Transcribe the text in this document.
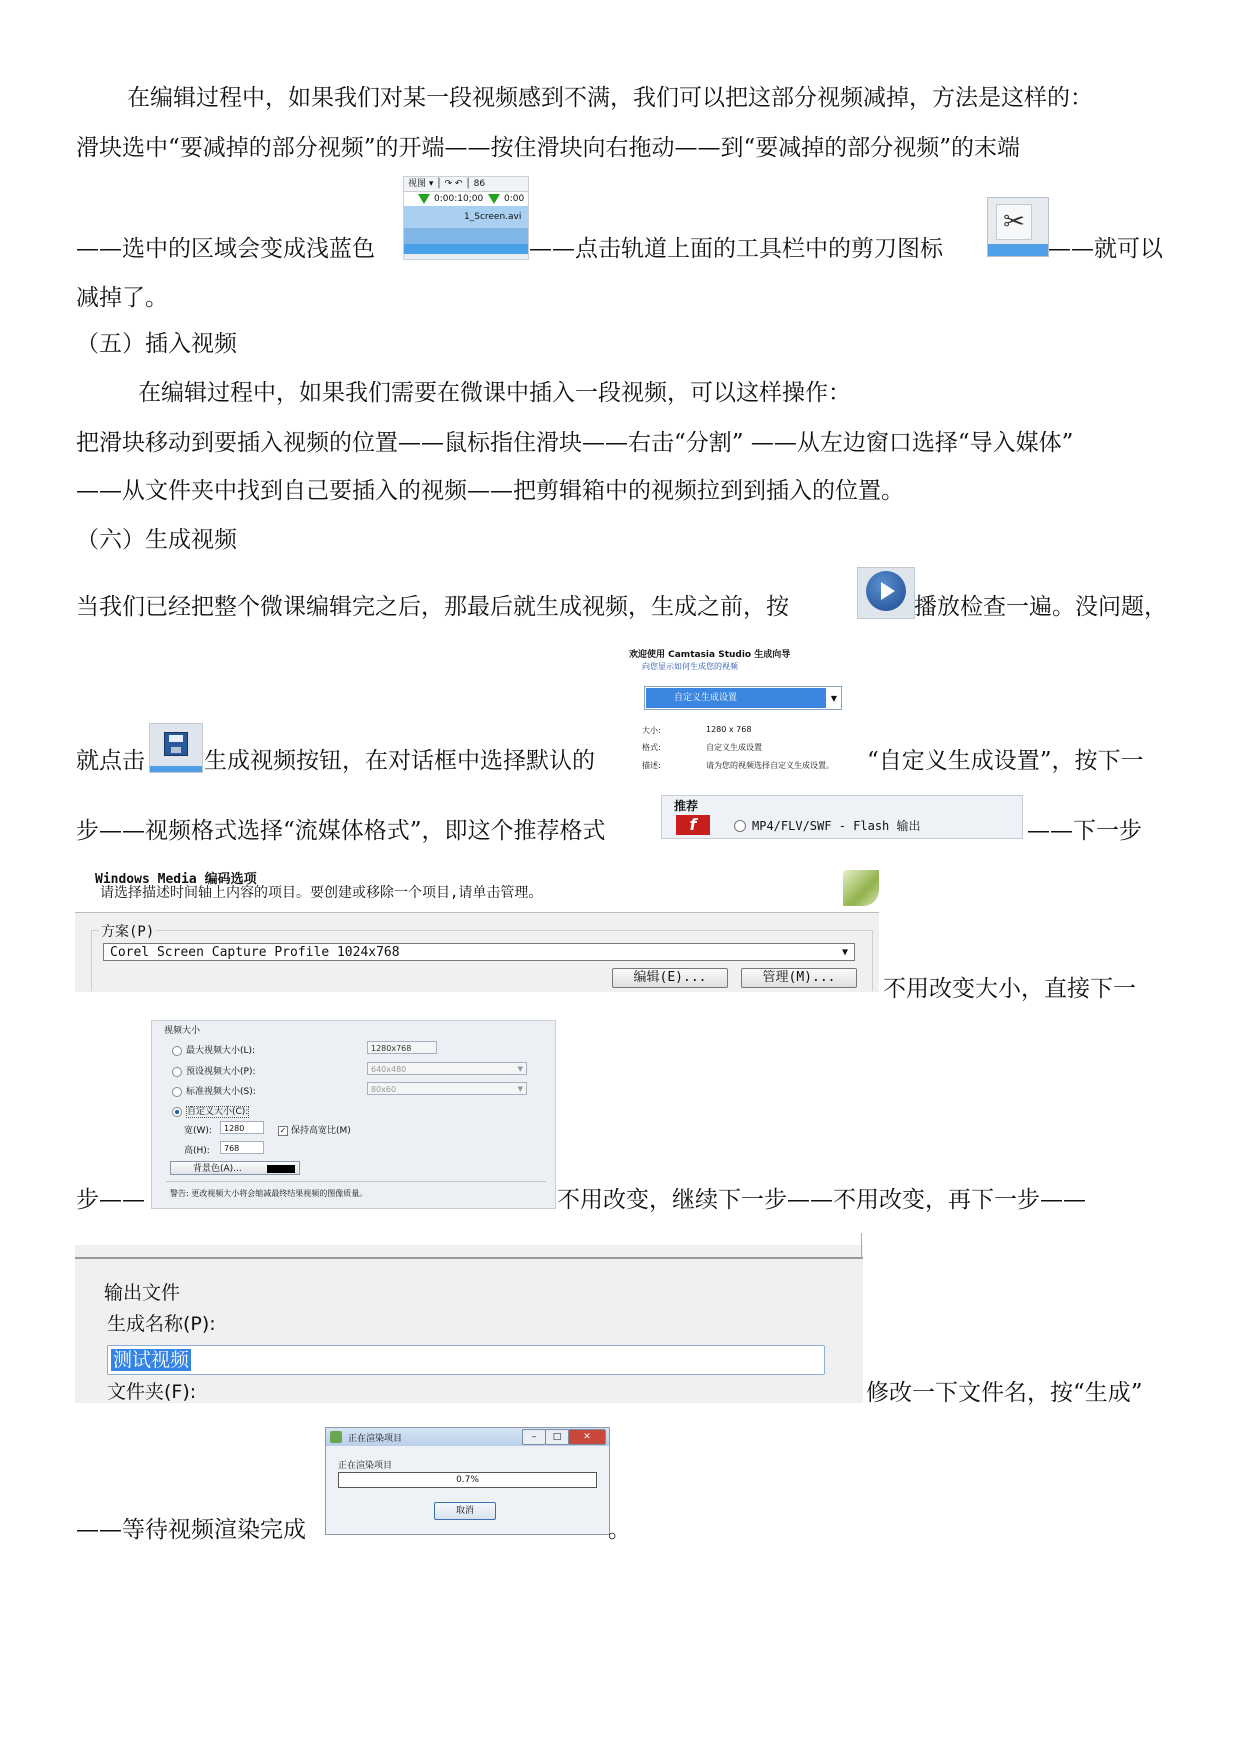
在编辑过程中，如果我们对某一段视频感到不满，我们可以把这部分视频减掉，方法是这样的：
滑块选中“要减掉的部分视频”的开端——按住滑块向右拖动——到“要减掉的部分视频”的末端
视图 ▾ │ ↷ ↶ │ 86
0:00:10;00 0:00
1_Screen.avi
——选中的区域会变成浅蓝色	——点击轨道上面的工具栏中的剪刀图标
✂
——就可以
减掉了。
（五）插入视频
在编辑过程中，如果我们需要在微课中插入一段视频，可以这样操作：
把滑块移动到要插入视频的位置——鼠标指住滑块——右击“分割” ——从左边窗口选择“导入媒体”
——从文件夹中找到自己要插入的视频——把剪辑箱中的视频拉到到插入的位置。
（六）生成视频
当我们已经把整个微课编辑完之后，那最后就生成视频，生成之前，按	播放检查一遍。没问题，
就点击	生成视频按钮，在对话框中选择默认的
欢迎使用 Camtasia Studio 生成向导
向您显示如何生成您的视频
自定义生成设置	▼
大小:	1280 x 768
格式:	自定义生成设置
描述:	请为您的视频选择自定义生成设置。 “自定义生成设置”，按下一
步——视频格式选择“流媒体格式”，即这个推荐格式
推荐
f	MP4/FLV/SWF - Flash 输出	——下一步
Windows Media 编码选项
请选择描述时间轴上内容的项目。要创建或移除一个项目,请单击管理。
方案(P)
Corel Screen Capture Profile 1024x768	▼
编辑(E)...	管理(M)...	不用改变大小，直接下一
视频大小
最大视频大小(L):	1280x768
预设视频大小(P):	640x480	▼
标准视频大小(S):	80x60	▼
自定义大小(C):
宽(W):	1280	✓ 保持高宽比(M)
高(H):	768
背景色(A)...
警告: 更改视频大小将会缩减最终结果视频的图像质量。
步——	不用改变，继续下一步——不用改变，再下一步——
输出文件
生成名称(P):
测试视频
文件夹(F):	修改一下文件名，按“生成”
正在渲染项目	–	□	✕
正在渲染项目
0.7%
取消
——等待视频渲染完成	。
